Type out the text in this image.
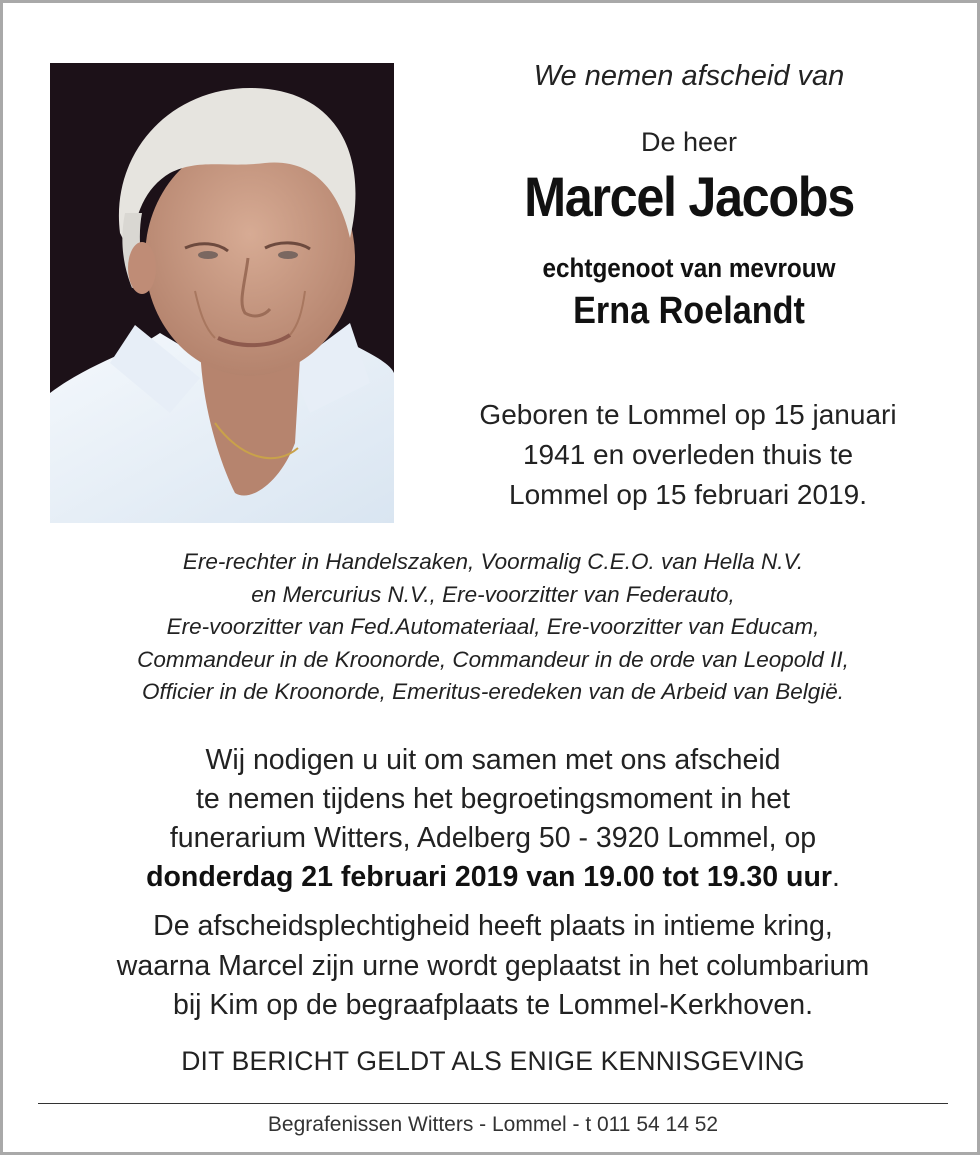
We nemen afscheid van
De heer
Marcel Jacobs
echtgenoot van mevrouw
Erna Roelandt
Geboren te Lommel op 15 januari
1941 en overleden thuis te
Lommel op 15 februari 2019.
Ere-rechter in Handelszaken, Voormalig C.E.O. van Hella N.V.
en Mercurius N.V., Ere-voorzitter van Federauto,
Ere-voorzitter van Fed.Automateriaal, Ere-voorzitter van Educam,
Commandeur in de Kroonorde, Commandeur in de orde van Leopold II,
Officier in de Kroonorde, Emeritus-eredeken van de Arbeid van België.
Wij nodigen u uit om samen met ons afscheid
te nemen tijdens het begroetingsmoment in het
funerarium Witters, Adelberg 50 - 3920 Lommel, op
donderdag 21 februari 2019 van 19.00 tot 19.30 uur.
De afscheidsplechtigheid heeft plaats in intieme kring,
waarna Marcel zijn urne wordt geplaatst in het columbarium
bij Kim op de begraafplaats te Lommel-Kerkhoven.
DIT BERICHT GELDT ALS ENIGE KENNISGEVING
Begrafenissen Witters - Lommel - t 011 54 14 52
